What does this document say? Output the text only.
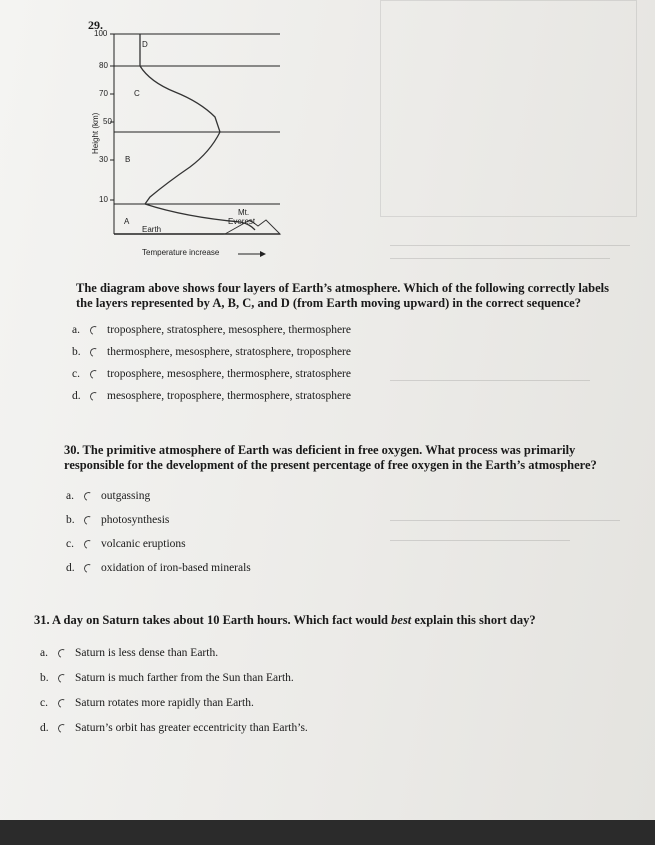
29.
100
80
70
50
30
10
D
C
B
A
Earth
Mt.
Everest
Temperature increase
Height (km)
The diagram above shows four layers of Earth’s atmosphere. Which of the following correctly labels the layers represented by A, B, C, and D (from Earth moving upward) in the correct sequence?
a.	troposphere, stratosphere, mesosphere, thermosphere
b.	thermosphere, mesosphere, stratosphere, troposphere
c.	troposphere, mesosphere, thermosphere, stratosphere
d.	mesosphere, troposphere, thermosphere, stratosphere
30. The primitive atmosphere of Earth was deficient in free oxygen. What process was primarily responsible for the development of the present percentage of free oxygen in the Earth’s atmosphere?
a.	outgassing
b.	photosynthesis
c.	volcanic eruptions
d.	oxidation of iron-based minerals
31. A day on Saturn takes about 10 Earth hours. Which fact would best explain this short day?
a.	Saturn is less dense than Earth.
b.	Saturn is much farther from the Sun than Earth.
c.	Saturn rotates more rapidly than Earth.
d.	Saturn’s orbit has greater eccentricity than Earth’s.
